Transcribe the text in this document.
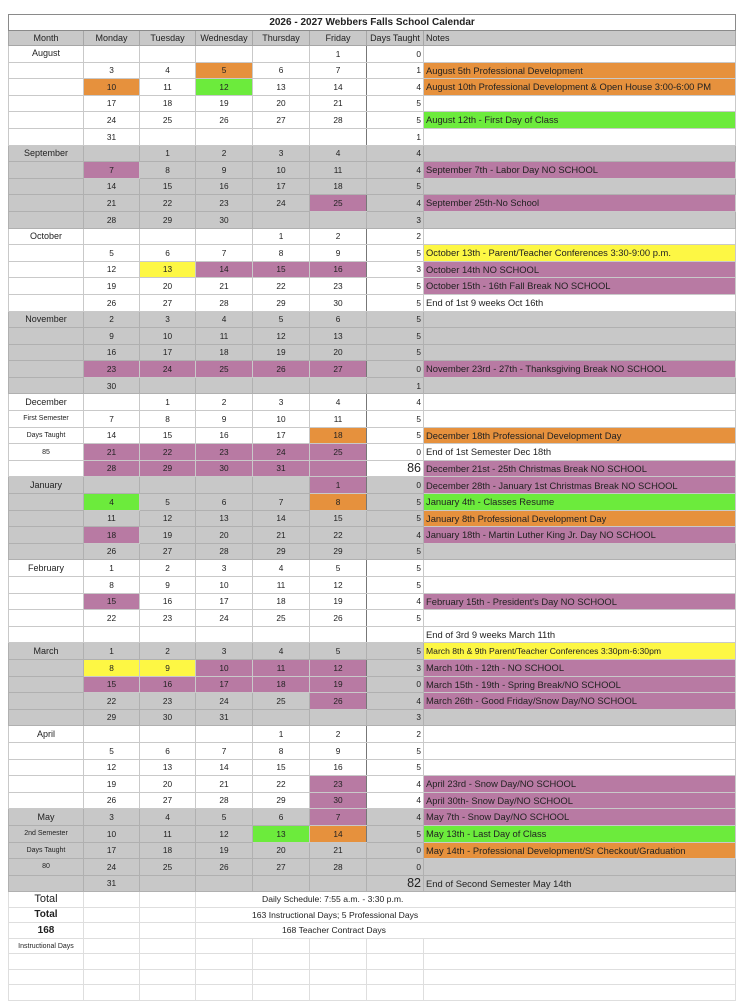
2026 - 2027 Webbers Falls School Calendar							
Month	Monday	Tuesday	Wednesday	Thursday	Friday	Days Taught	Notes
August					1	0	
	3	4	5	6	7	1	August 5th Professional Development
	10	11	12	13	14	4	August 10th Professional Development & Open House 3:00-6:00 PM
	17	18	19	20	21	5	
	24	25	26	27	28	5	August 12th - First Day of Class
	31					1	
September		1	2	3	4	4	
	7	8	9	10	11	4	September 7th - Labor Day NO SCHOOL
	14	15	16	17	18	5	
	21	22	23	24	25	4	September 25th-No School
	28	29	30			3	
October				1	2	2	
	5	6	7	8	9	5	October 13th - Parent/Teacher Conferences 3:30-9:00 p.m.
	12	13	14	15	16	3	October 14th NO SCHOOL
	19	20	21	22	23	5	October 15th - 16th Fall Break NO SCHOOL
	26	27	28	29	30	5	End of 1st 9 weeks Oct 16th
November	2	3	4	5	6	5	
	9	10	11	12	13	5	
	16	17	18	19	20	5	
	23	24	25	26	27	0	November 23rd - 27th - Thanksgiving Break NO SCHOOL
	30					1	
December		1	2	3	4	4	
First Semester	7	8	9	10	11	5	
Days Taught	14	15	16	17	18	5	December 18th Professional Development Day
85	21	22	23	24	25	0	End of 1st Semester Dec 18th
	28	29	30	31		86	December 21st - 25th Christmas Break NO SCHOOL
January					1	0	December 28th - January 1st Christmas Break NO SCHOOL
	4	5	6	7	8	5	January 4th - Classes Resume
	11	12	13	14	15	5	January 8th Professional Development Day
	18	19	20	21	22	4	January 18th - Martin Luther King Jr. Day NO SCHOOL
	26	27	28	29	29	5	
February	1	2	3	4	5	5	
	8	9	10	11	12	5	
	15	16	17	18	19	4	February 15th - President's Day NO SCHOOL
	22	23	24	25	26	5	
							End of 3rd 9 weeks March 11th
March	1	2	3	4	5	5	March 8th & 9th Parent/Teacher Conferences 3:30pm-6:30pm
	8	9	10	11	12	3	March 10th - 12th - NO SCHOOL
	15	16	17	18	19	0	March 15th - 19th - Spring Break/NO SCHOOL
	22	23	24	25	26	4	March 26th - Good Friday/Snow Day/NO SCHOOL
	29	30	31			3	
April				1	2	2	
	5	6	7	8	9	5	
	12	13	14	15	16	5	
	19	20	21	22	23	4	April 23rd - Snow Day/NO SCHOOL
	26	27	28	29	30	4	April 30th- Snow Day/NO SCHOOL
May	3	4	5	6	7	4	May 7th - Snow Day/NO SCHOOL
2nd Semester	10	11	12	13	14	5	May 13th - Last Day of Class
Days Taught	17	18	19	20	21	0	May 14th - Professional Development/Sr Checkout/Graduation
80	24	25	26	27	28	0	
	31					82	End of Second Semester May 14th
Total			Daily Schedule: 7:55 a.m. - 3:30 p.m.				
Total			163 Instructional Days; 5 Professional Days				
168			168 Teacher Contract Days				
Instructional Days							
